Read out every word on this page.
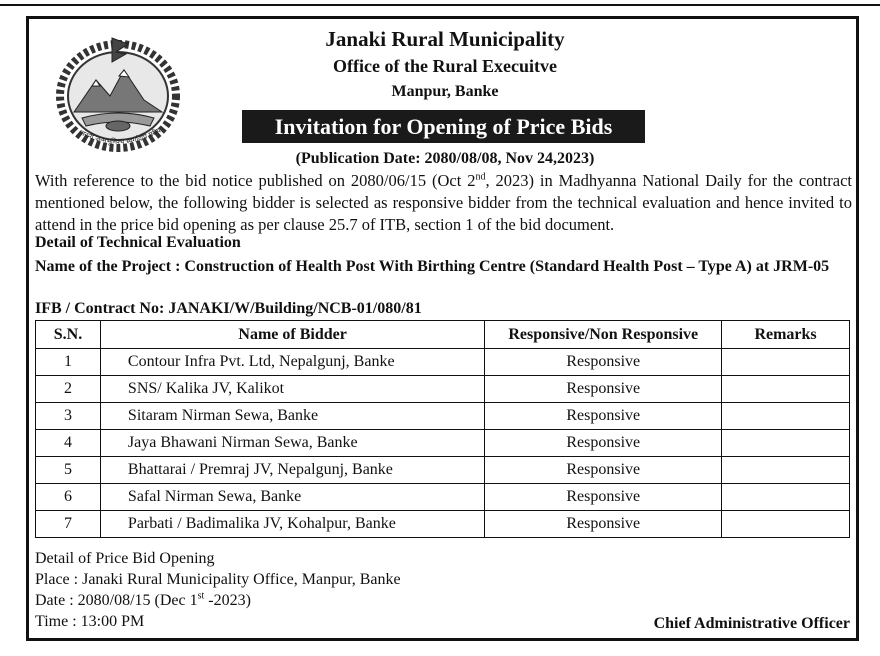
जननी जन्मभूमिश्च स्वर्गादपि गरीय
Janaki Rural Municipality
Office of the Rural Execuitve
Manpur, Banke
Invitation for Opening of Price Bids
(Publication Date: 2080/08/08, Nov 24,2023)
With reference to the bid notice published on 2080/06/15 (Oct 2nd, 2023) in Madhyanna National Daily for the contract mentioned below, the following bidder is selected as responsive bidder from the technical evaluation and hence invited to attend in the price bid opening as per clause 25.7 of ITB, section 1 of the bid document.
Detail of Technical Evaluation
Name of the Project : Construction of Health Post With Birthing Centre (Standard Health Post – Type A) at JRM-05
IFB / Contract No: JANAKI/W/Building/NCB-01/080/81
S.N.	Name of Bidder	Responsive/Non Responsive	Remarks
1	Contour Infra Pvt. Ltd, Nepalgunj, Banke	Responsive	
2	SNS/ Kalika JV, Kalikot	Responsive	
3	Sitaram Nirman Sewa, Banke	Responsive	
4	Jaya Bhawani Nirman Sewa, Banke	Responsive	
5	Bhattarai / Premraj JV, Nepalgunj, Banke	Responsive	
6	Safal Nirman Sewa, Banke	Responsive	
7	Parbati / Badimalika JV, Kohalpur, Banke	Responsive	
Detail of Price Bid Opening
Place : Janaki Rural Municipality Office, Manpur, Banke
Date : 2080/08/15 (Dec 1st -2023)
Time : 13:00 PM	Chief Administrative Officer
